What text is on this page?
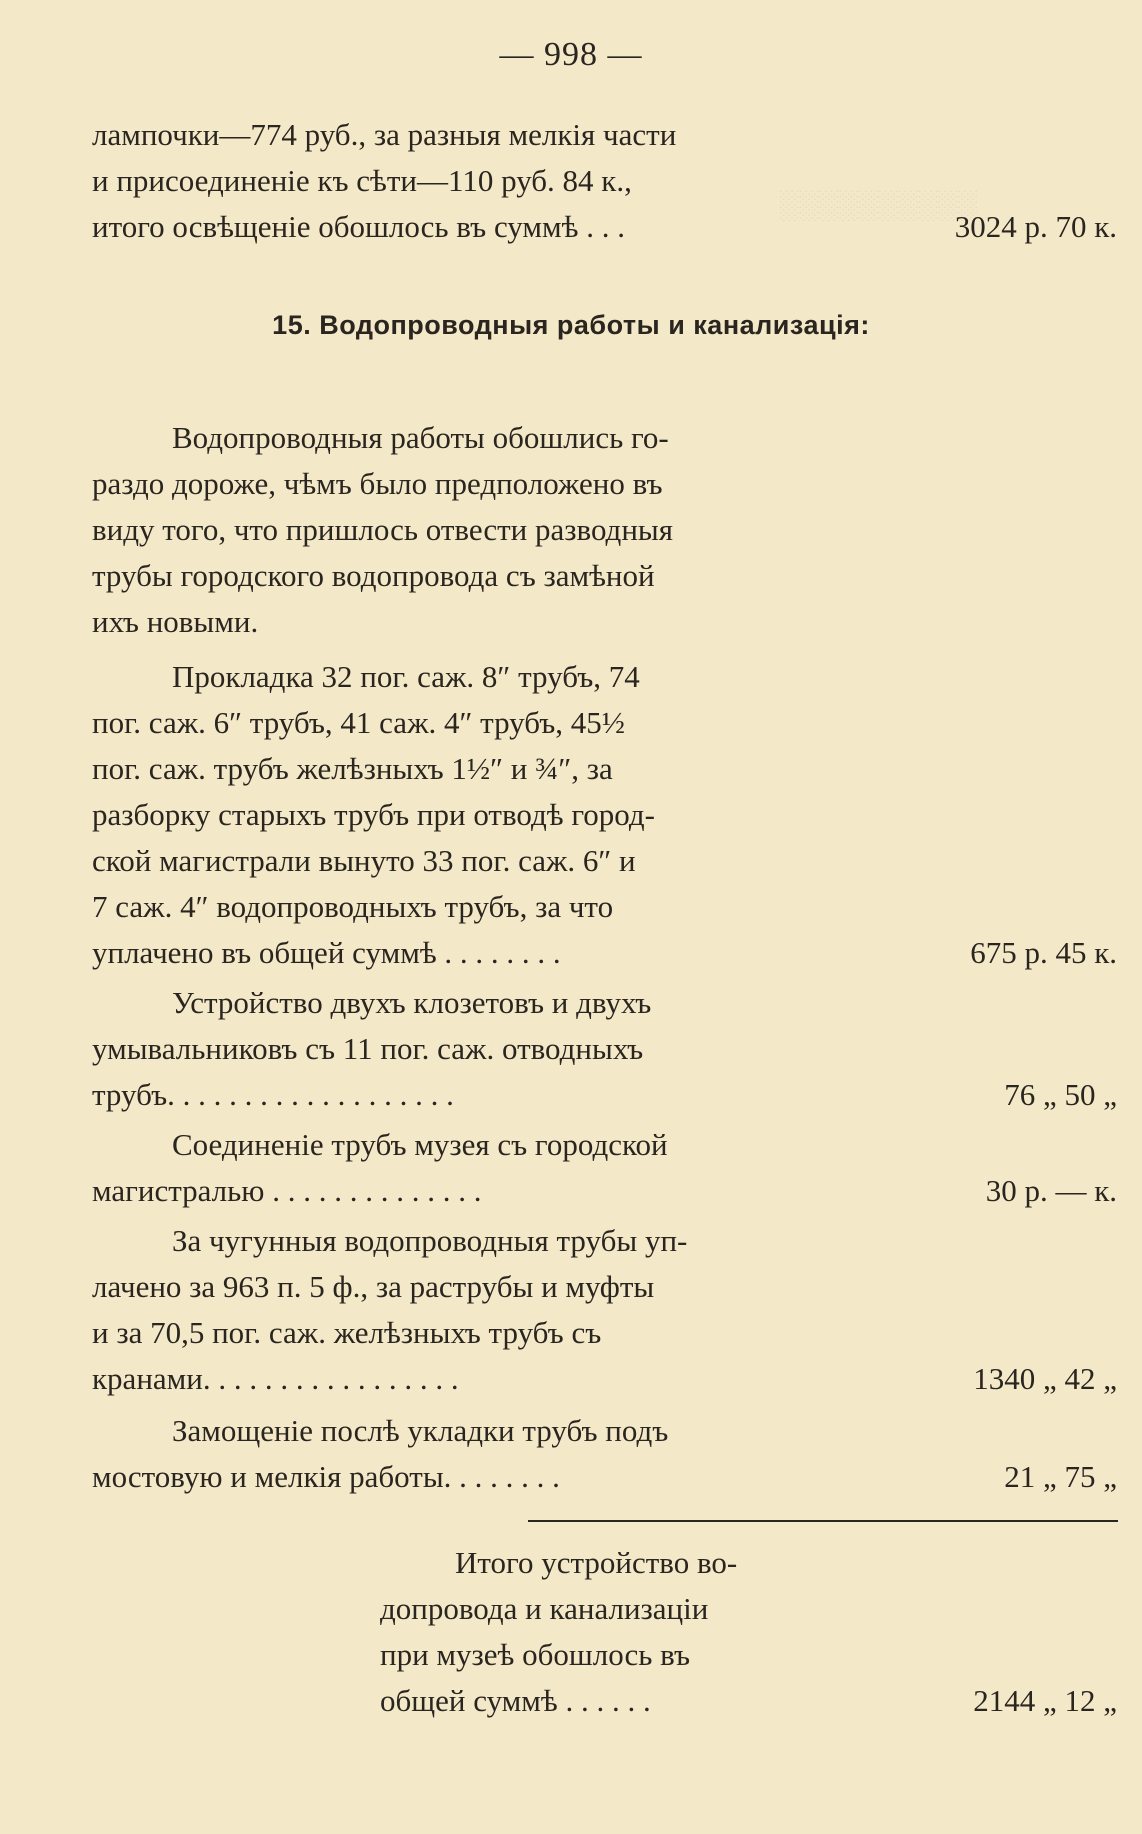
░░░░░░░░░░
— 998 —
лампочки—774 руб., за разныя мелкія части
и присоединеніе къ сѣти—110 руб. 84 к.,
итого освѣщеніе обошлось въ суммѣ . . .	3024 р. 70 к.
15. Водопроводныя работы и канализація:
Водопроводныя работы обошлись го-
раздо дороже, чѣмъ было предположено въ
виду того, что пришлось отвести разводныя
трубы городского водопровода съ замѣной
ихъ новыми.
Прокладка 32 пог. саж. 8″ трубъ, 74
пог. саж. 6″ трубъ, 41 саж. 4″ трубъ, 45½
пог. саж. трубъ желѣзныхъ 1½″ и ¾″, за
разборку старыхъ трубъ при отводѣ город-
ской магистрали вынуто 33 пог. саж. 6″ и
7 саж. 4″ водопроводныхъ трубъ, за что
уплачено въ общей суммѣ . . . . . . . .	675 р. 45 к.
Устройство двухъ клозетовъ и двухъ
умывальниковъ съ 11 пог. саж. отводныхъ
трубъ. . . . . . . . . . . . . . . . . . .	76 „ 50 „
Соединеніе трубъ музея съ городской
магистралью . . . . . . . . . . . . . .	30 р. — к.
За чугунныя водопроводныя трубы уп-
лачено за 963 п. 5 ф., за раструбы и муфты
и за 70,5 пог. саж. желѣзныхъ трубъ съ
кранами. . . . . . . . . . . . . . . . .	1340 „ 42 „
Замощеніе послѣ укладки трубъ подъ
мостовую и мелкія работы. . . . . . . .	21 „ 75 „
Итого устройство во-
допровода и канализаціи
при музеѣ обошлось въ
общей суммѣ . . . . . .	2144 „ 12 „
